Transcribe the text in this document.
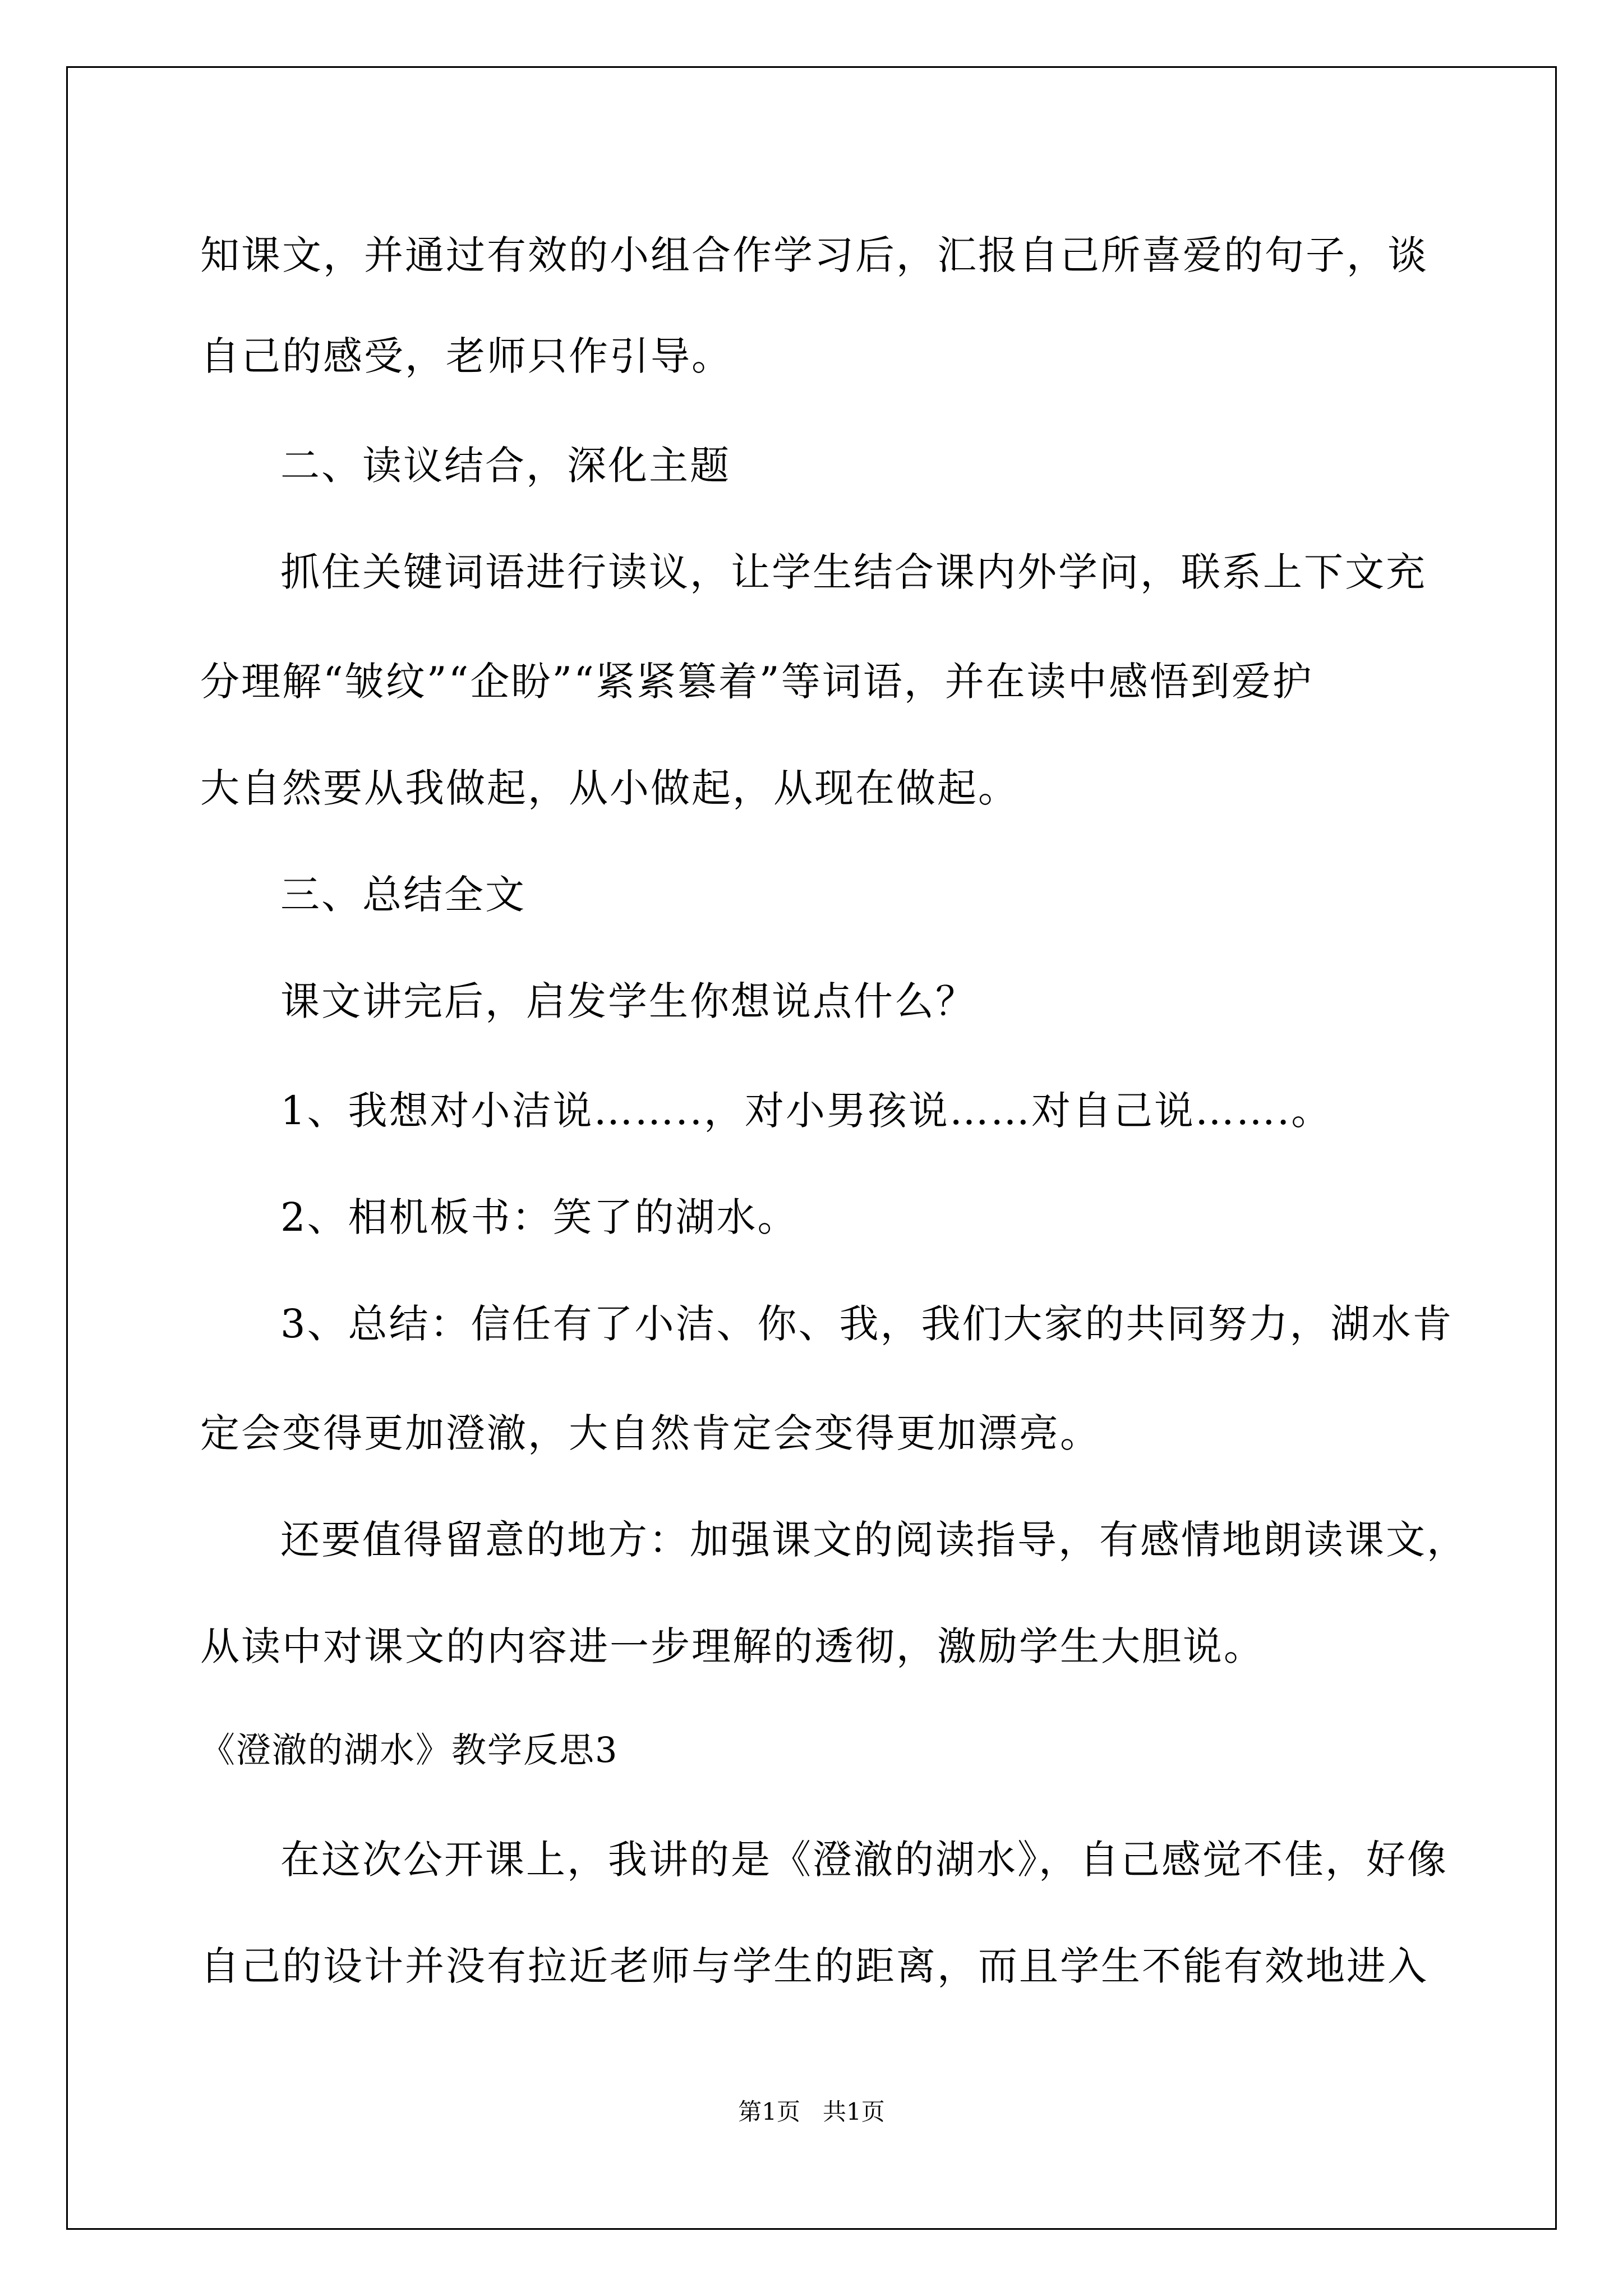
知课文，并通过有效的小组合作学习后，汇报自己所喜爱的句子，谈
自己的感受，老师只作引导。
二、读议结合，深化主题
抓住关键词语进行读议，让学生结合课内外学问，联系上下文充
分理解“皱纹”“企盼”“紧紧篡着”等词语，并在读中感悟到爱护
大自然要从我做起，从小做起，从现在做起。
三、总结全文
课文讲完后，启发学生你想说点什么？
1、我想对小洁说……..，对小男孩说……对自己说…….。
2、相机板书：笑了的湖水。
3、总结：信任有了小洁、你、我，我们大家的共同努力，湖水肯
定会变得更加澄澈，大自然肯定会变得更加漂亮。
还要值得留意的地方：加强课文的阅读指导，有感情地朗读课文，
从读中对课文的内容进一步理解的透彻，激励学生大胆说。
《澄澈的湖水》教学反思3
在这次公开课上，我讲的是《澄澈的湖水》，自己感觉不佳，好像
自己的设计并没有拉近老师与学生的距离，而且学生不能有效地进入
第1页   共1页
